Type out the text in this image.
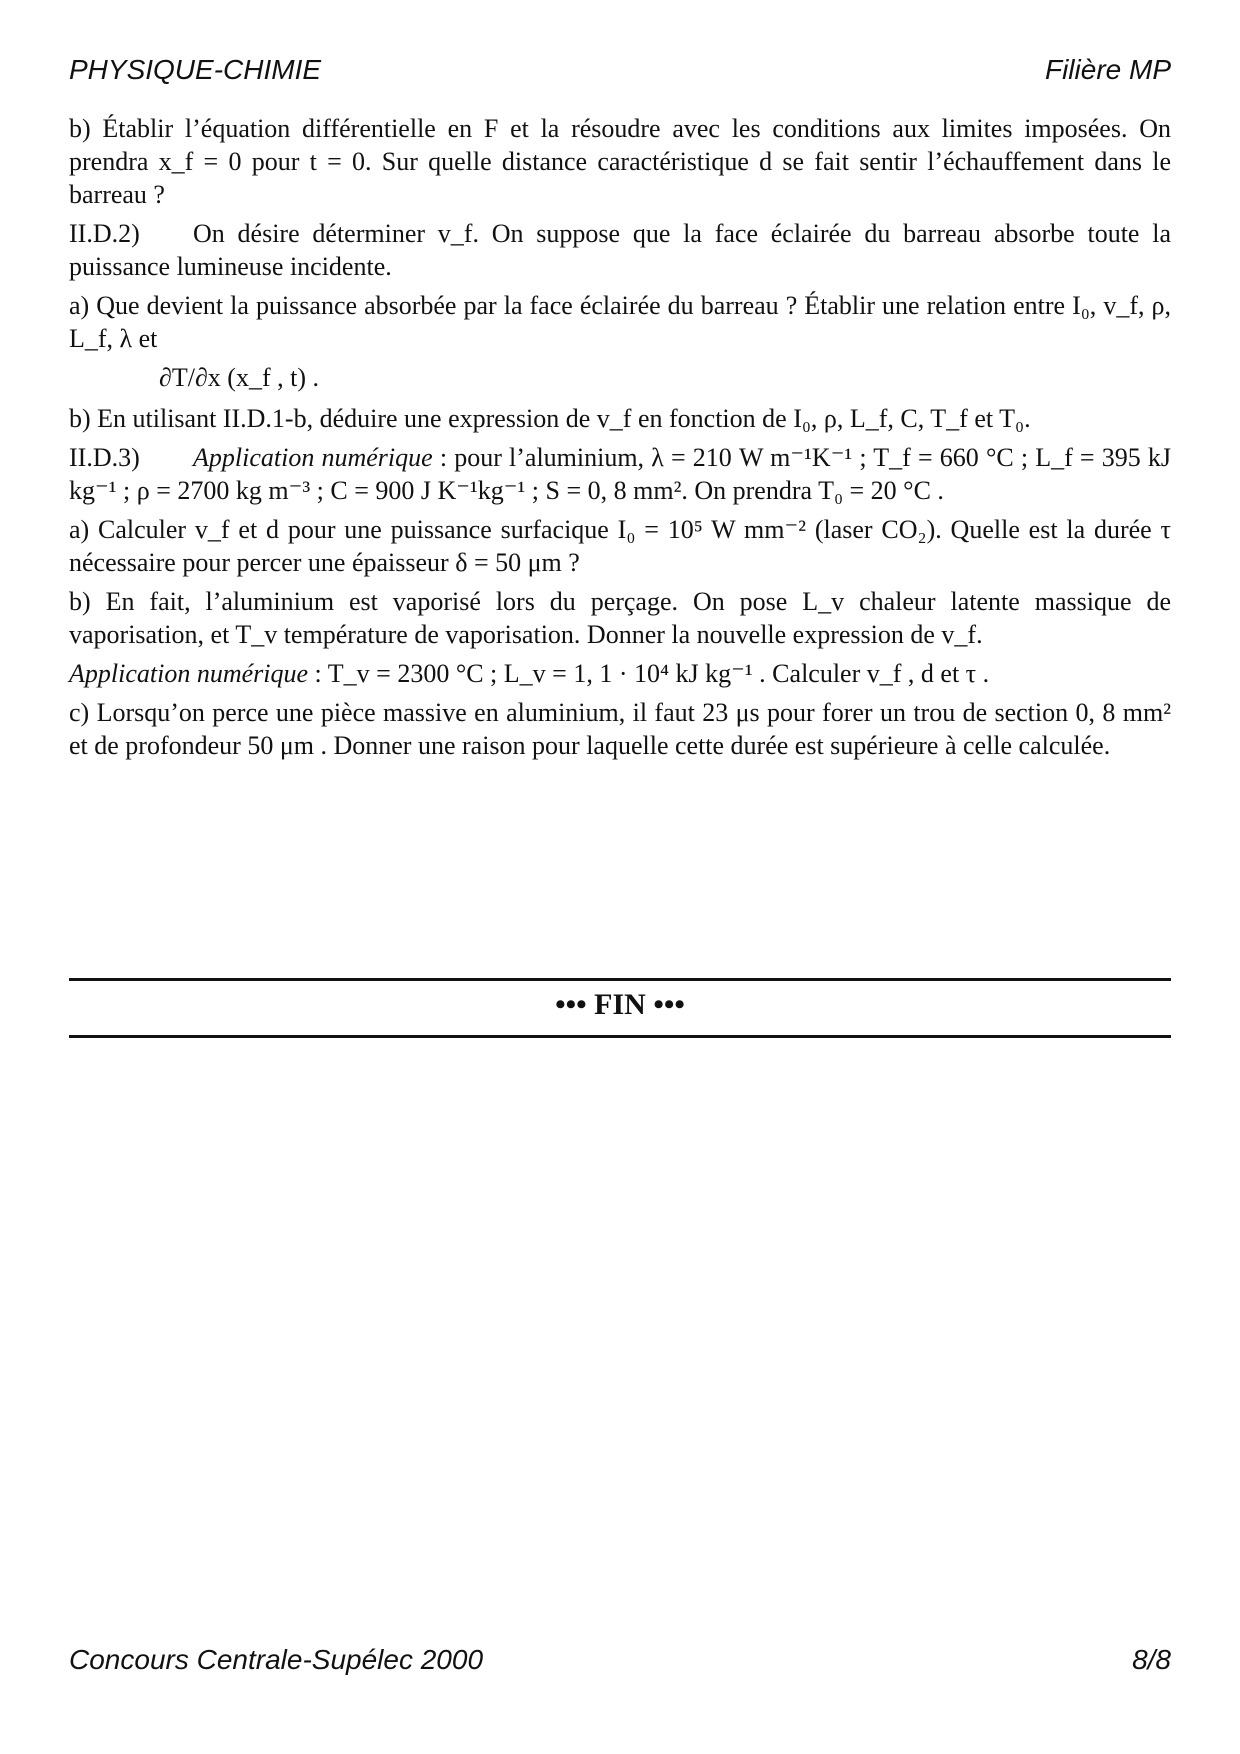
PHYSIQUE-CHIMIE	Filière MP

b) Établir l’équation différentielle en F et la résoudre avec les conditions aux limites imposées. On prendra x_f = 0 pour t = 0. Sur quelle distance caractéristique d se fait sentir l’échauffement dans le barreau ?

II.D.2) On désire déterminer v_f. On suppose que la face éclairée du barreau absorbe toute la puissance lumineuse incidente.

a) Que devient la puissance absorbée par la face éclairée du barreau ? Établir une relation entre I₀, v_f, ρ, L_f, λ et

∂T/∂x (x_f , t) .

b) En utilisant II.D.1-b, déduire une expression de v_f en fonction de I₀, ρ, L_f, C, T_f et T₀.

II.D.3) Application numérique : pour l’aluminium, λ = 210 W m⁻¹K⁻¹ ; T_f = 660 °C ; L_f = 395 kJ kg⁻¹ ; ρ = 2700 kg m⁻³ ; C = 900 J K⁻¹kg⁻¹ ; S = 0, 8 mm². On prendra T₀ = 20 °C .

a) Calculer v_f et d pour une puissance surfacique I₀ = 10⁵ W mm⁻² (laser CO₂). Quelle est la durée τ nécessaire pour percer une épaisseur δ = 50 μm ?

b) En fait, l’aluminium est vaporisé lors du perçage. On pose L_v chaleur latente massique de vaporisation, et T_v température de vaporisation. Donner la nouvelle expression de v_f.

Application numérique : T_v = 2300 °C ; L_v = 1, 1 · 10⁴ kJ kg⁻¹ . Calculer v_f , d et τ .

c) Lorsqu’on perce une pièce massive en aluminium, il faut 23 μs pour forer un trou de section 0, 8 mm² et de profondeur 50 μm . Donner une raison pour laquelle cette durée est supérieure à celle calculée.

••• FIN •••
Concours Centrale-Supélec 2000	8/8
